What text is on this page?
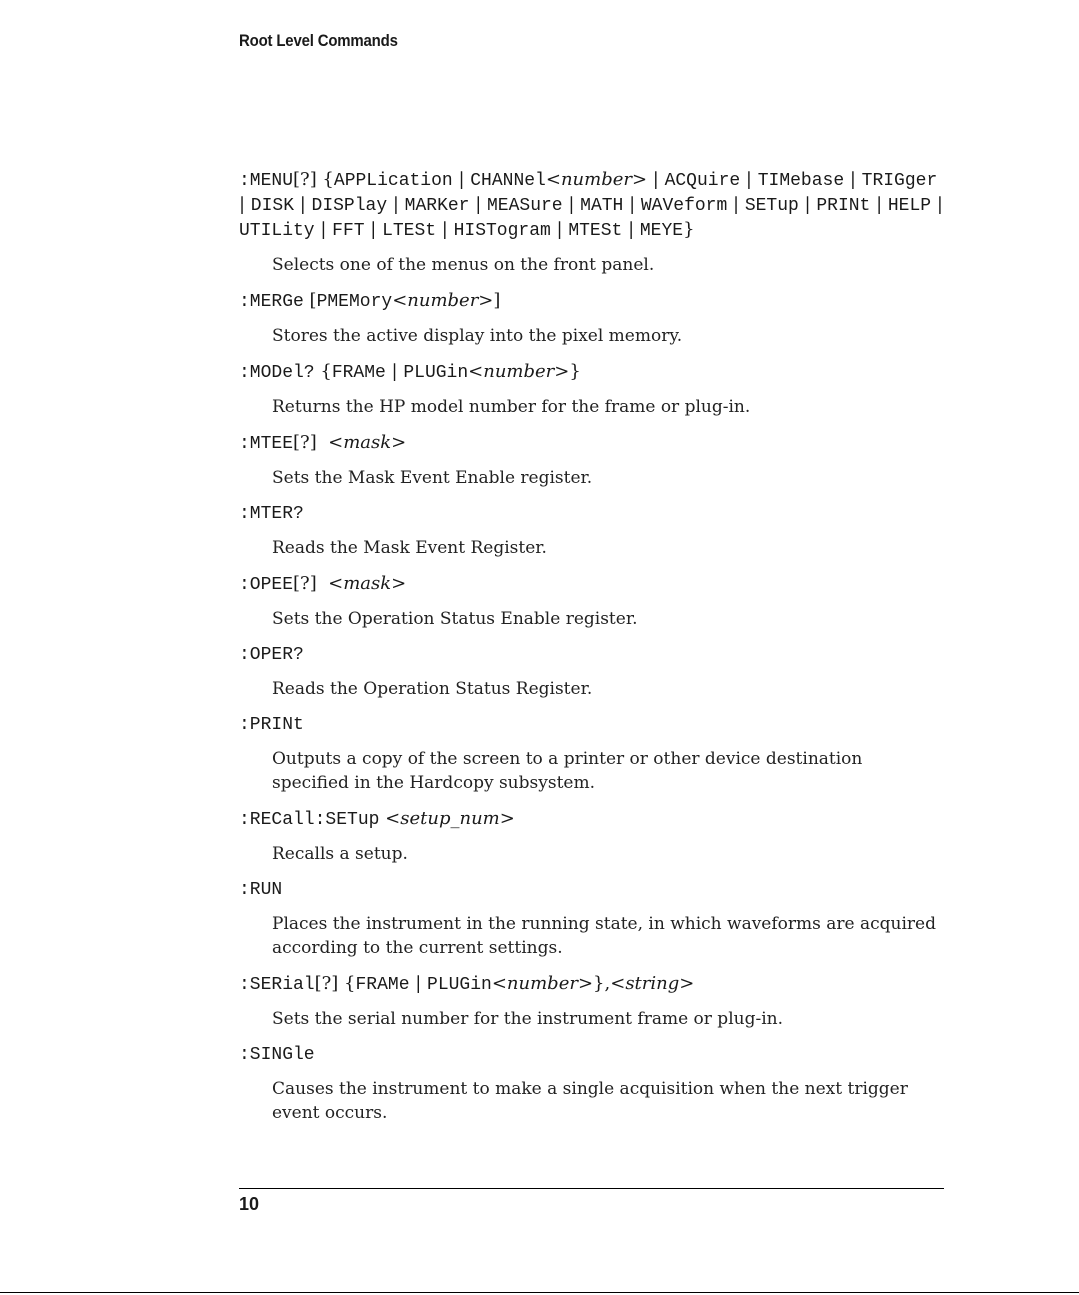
Root Level Commands
:MENU[?] {APPLication | CHANNel<number> | ACQuire | TIMebase | TRIGger | DISK | DISPlay | MARKer | MEASure | MATH | WAVeform | SETup | PRINt | HELP | UTILity | FFT | LTESt | HISTogram | MTESt | MEYE}
Selects one of the menus on the front panel.
:MERGe [PMEMory<number>]
Stores the active display into the pixel memory.
:MODel? {FRAMe | PLUGin<number>}
Returns the HP model number for the frame or plug-in.
:MTEE[?]  <mask>
Sets the Mask Event Enable register.
:MTER?
Reads the Mask Event Register.
:OPEE[?]  <mask>
Sets the Operation Status Enable register.
:OPER?
Reads the Operation Status Register.
:PRINt
Outputs a copy of the screen to a printer or other device destination specified in the Hardcopy subsystem.
:RECall:SETup <setup_num>
Recalls a setup.
:RUN
Places the instrument in the running state, in which waveforms are acquired according to the current settings.
:SERial[?] {FRAMe | PLUGin<number>},<string>
Sets the serial number for the instrument frame or plug-in.
:SINGle
Causes the instrument to make a single acquisition when the next trigger event occurs.
10
